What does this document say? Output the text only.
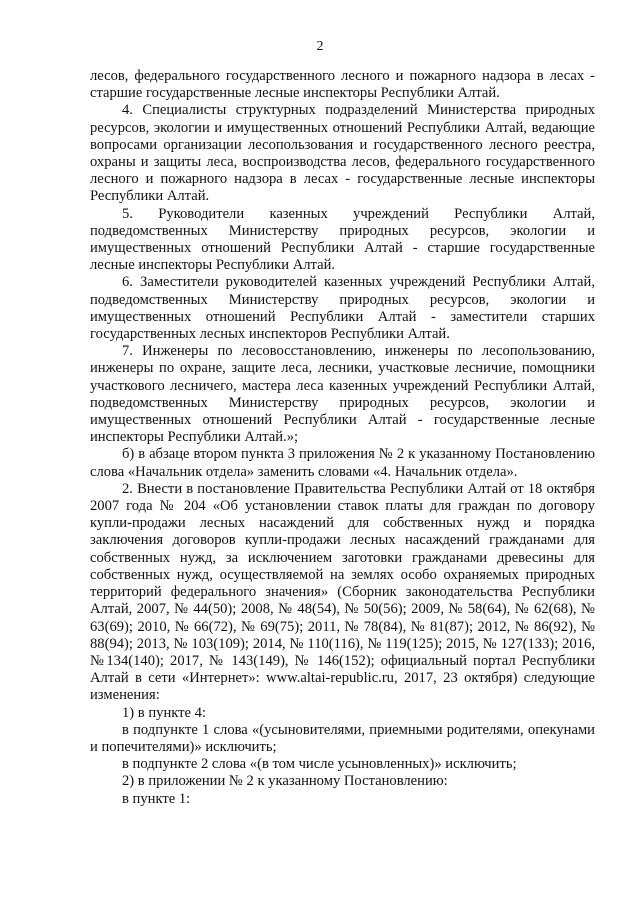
2

лесов, федерального государственного лесного и пожарного надзора в лесах - старшие государственные лесные инспекторы Республики Алтай.

4. Специалисты структурных подразделений Министерства природных ресурсов, экологии и имущественных отношений Республики Алтай, ведающие вопросами организации лесопользования и государственного лесного реестра, охраны и защиты леса, воспроизводства лесов, федерального государственного лесного и пожарного надзора в лесах - государственные лесные инспекторы Республики Алтай.

5. Руководители казенных учреждений Республики Алтай, подведомственных Министерству природных ресурсов, экологии и имущественных отношений Республики Алтай - старшие государственные лесные инспекторы Республики Алтай.

6. Заместители руководителей казенных учреждений Республики Алтай, подведомственных Министерству природных ресурсов, экологии и имущественных отношений Республики Алтай - заместители старших государственных лесных инспекторов Республики Алтай.

7. Инженеры по лесовосстановлению, инженеры по лесопользованию, инженеры по охране, защите леса, лесники, участковые лесничие, помощники участкового лесничего, мастера леса казенных учреждений Республики Алтай, подведомственных Министерству природных ресурсов, экологии и имущественных отношений Республики Алтай - государственные лесные инспекторы Республики Алтай.»;

б) в абзаце втором пункта 3 приложения № 2 к указанному Постановлению слова «Начальник отдела» заменить словами «4. Начальник отдела».

2. Внести в постановление Правительства Республики Алтай от 18 октября 2007 года № 204 «Об установлении ставок платы для граждан по договору купли-продажи лесных насаждений для собственных нужд и порядка заключения договоров купли-продажи лесных насаждений гражданами для собственных нужд, за исключением заготовки гражданами древесины для собственных нужд, осуществляемой на землях особо охраняемых природных территорий федерального значения» (Сборник законодательства Республики Алтай, 2007, № 44(50); 2008, № 48(54), № 50(56); 2009, № 58(64), № 62(68), № 63(69); 2010, № 66(72), № 69(75); 2011, № 78(84), № 81(87); 2012, № 86(92), № 88(94); 2013, № 103(109); 2014, № 110(116), № 119(125); 2015, № 127(133); 2016, №134(140); 2017, № 143(149), № 146(152); официальный портал Республики Алтай в сети «Интернет»: www.altai-republic.ru, 2017, 23 октября) следующие изменения:

1) в пункте 4:

в подпункте 1 слова «(усыновителями, приемными родителями, опекунами и попечителями)» исключить;

в подпункте 2 слова «(в том числе усыновленных)» исключить;

2) в приложении № 2 к указанному Постановлению:

в пункте 1:
